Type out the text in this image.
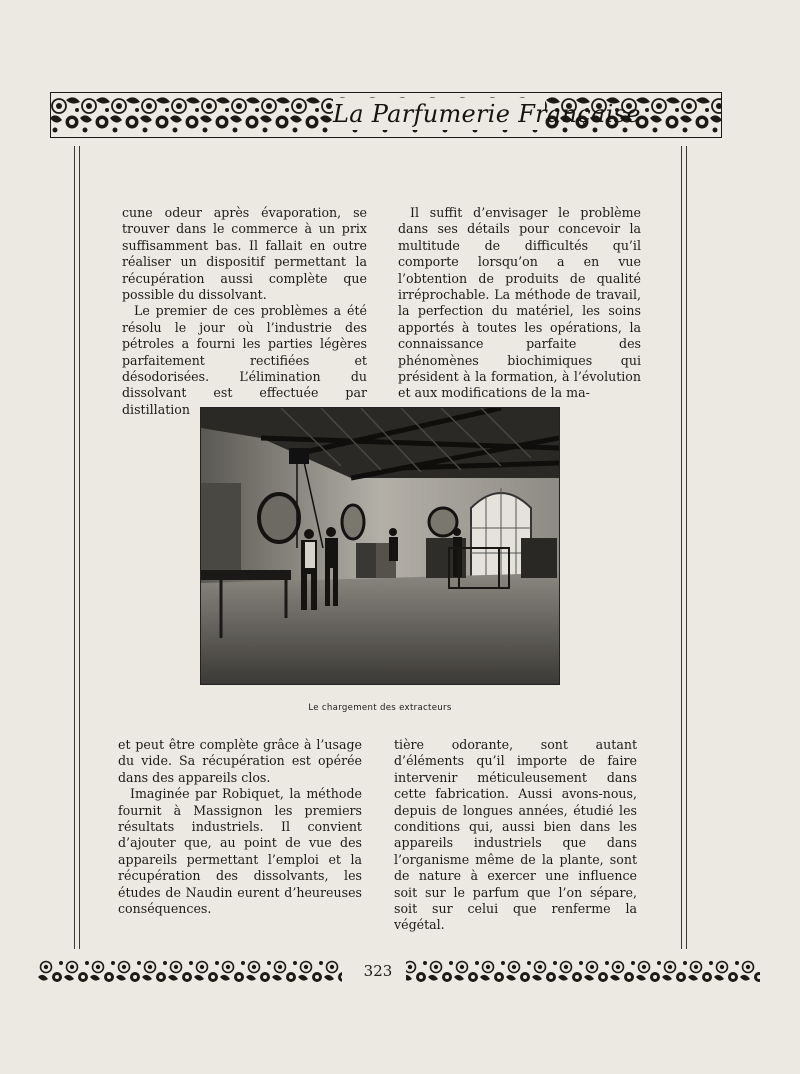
La Parfumerie Française

cune odeur après évaporation, se trouver dans le commerce à un prix suffisamment bas. Il fallait en outre réaliser un dispositif permettant la récupération aussi complète que possible du dissolvant.

Le premier de ces problèmes a été résolu le jour où l’industrie des pétroles a fourni les parties légères parfaitement rectifiées et désodorisées. L’élimination du dissolvant est effectuée par distillation

Il suffit d’envisager le problème dans ses détails pour concevoir la multitude de difficultés qu’il comporte lorsqu’on a en vue l’obtention de produits de qualité irréprochable. La méthode de travail, la perfection du matériel, les soins apportés à toutes les opérations, la connaissance parfaite des phénomènes biochimiques qui président à la formation, à l’évolution et aux modifications de la ma-

Le chargement des extracteurs

et peut être complète grâce à l’usage du vide. Sa récupération est opérée dans des appareils clos.

Imaginée par Robiquet, la méthode fournit à Massignon les premiers résultats industriels. Il convient d’ajouter que, au point de vue des appareils permettant l’emploi et la récupération des dissolvants, les études de Naudin eurent d’heureuses conséquences.

tière odorante, sont autant d’éléments qu’il importe de faire intervenir méticuleusement dans cette fabrication. Aussi avons-nous, depuis de longues années, étudié les conditions qui, aussi bien dans les appareils industriels que dans l’organisme même de la plante, sont de nature à exercer une influence soit sur le parfum que l’on sépare, soit sur celui que renferme la végétal.

323
